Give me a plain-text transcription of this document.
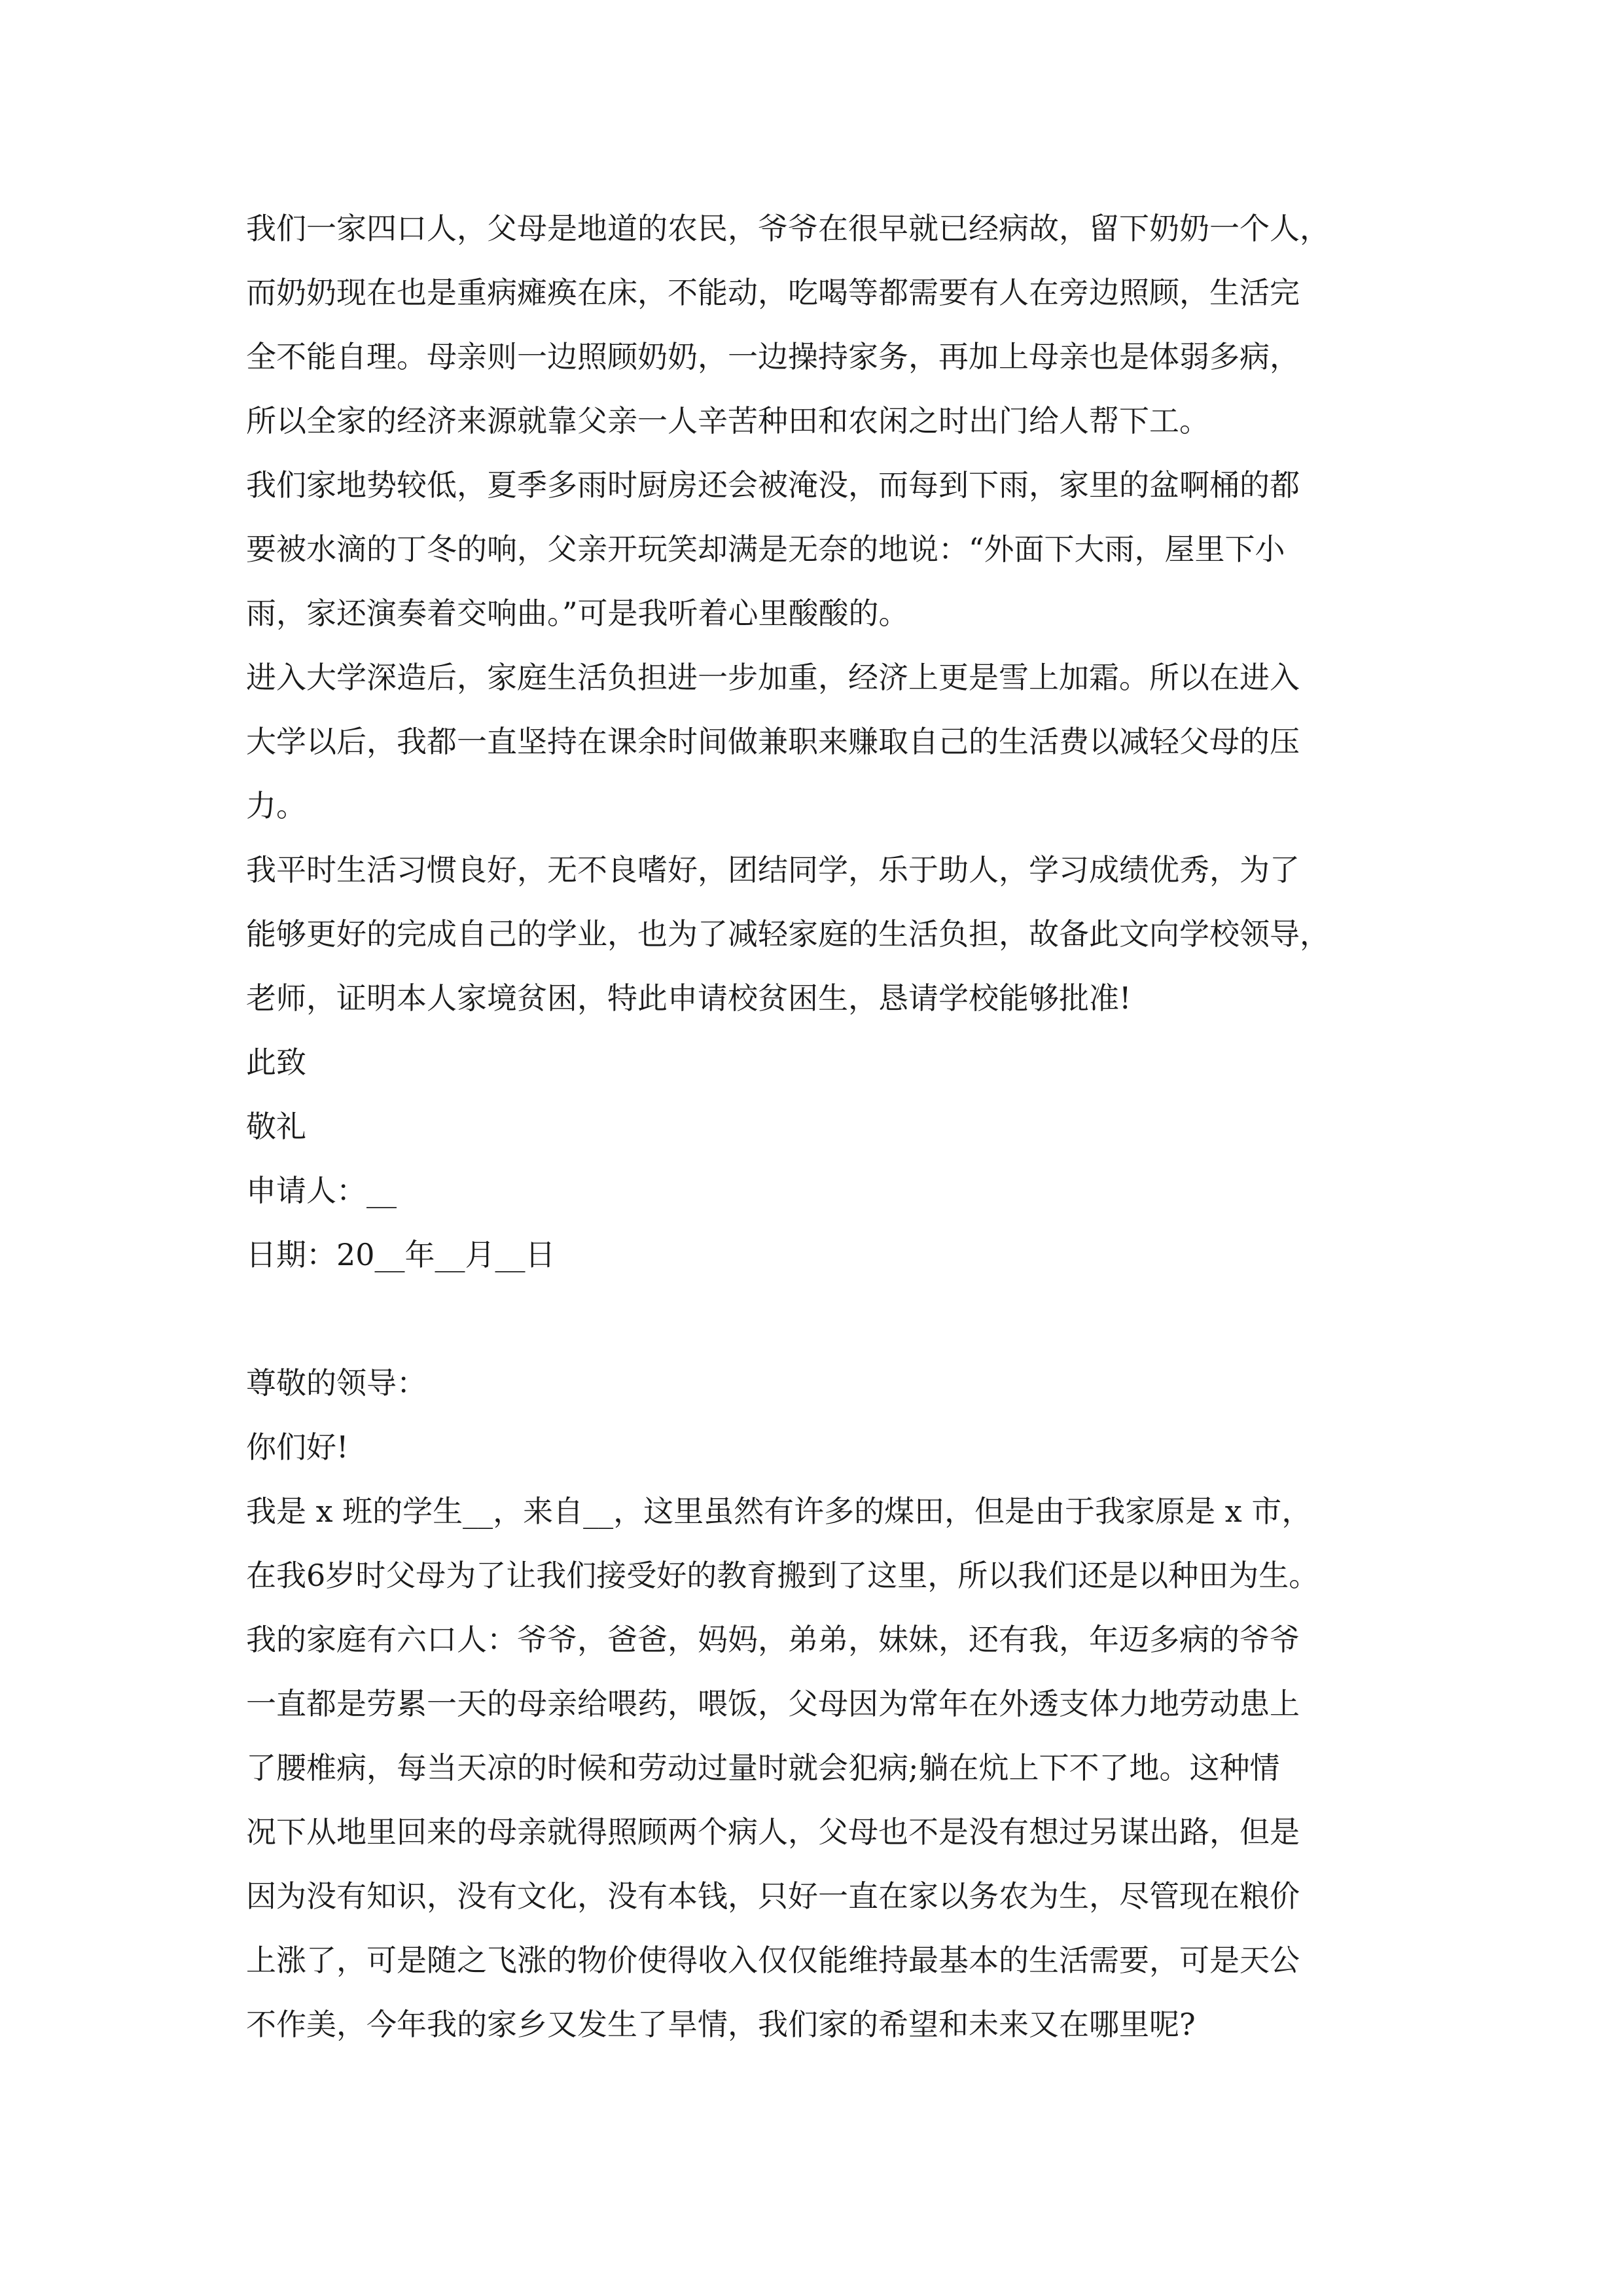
我们一家四口人，父母是地道的农民，爷爷在很早就已经病故，留下奶奶一个人，
而奶奶现在也是重病瘫痪在床，不能动，吃喝等都需要有人在旁边照顾，生活完
全不能自理。母亲则一边照顾奶奶，一边操持家务，再加上母亲也是体弱多病，
所以全家的经济来源就靠父亲一人辛苦种田和农闲之时出门给人帮下工。
我们家地势较低，夏季多雨时厨房还会被淹没，而每到下雨，家里的盆啊桶的都
要被水滴的丁冬的响，父亲开玩笑却满是无奈的地说：“外面下大雨，屋里下小
雨，家还演奏着交响曲。”可是我听着心里酸酸的。
进入大学深造后，家庭生活负担进一步加重，经济上更是雪上加霜。所以在进入
大学以后，我都一直坚持在课余时间做兼职来赚取自己的生活费以减轻父母的压
力。
我平时生活习惯良好，无不良嗜好，团结同学，乐于助人，学习成绩优秀，为了
能够更好的完成自己的学业，也为了减轻家庭的生活负担，故备此文向学校领导，
老师，证明本人家境贫困，特此申请校贫困生，恳请学校能够批准!
此致
敬礼
申请人：__
日期：20__年__月__日
尊敬的领导：
你们好!
我是 x 班的学生__，来自__，这里虽然有许多的煤田，但是由于我家原是 x 市，
在我6岁时父母为了让我们接受好的教育搬到了这里，所以我们还是以种田为生。
我的家庭有六口人：爷爷，爸爸，妈妈，弟弟，妹妹，还有我，年迈多病的爷爷
一直都是劳累一天的母亲给喂药，喂饭，父母因为常年在外透支体力地劳动患上
了腰椎病，每当天凉的时候和劳动过量时就会犯病;躺在炕上下不了地。这种情
况下从地里回来的母亲就得照顾两个病人，父母也不是没有想过另谋出路，但是
因为没有知识，没有文化，没有本钱，只好一直在家以务农为生，尽管现在粮价
上涨了，可是随之飞涨的物价使得收入仅仅能维持最基本的生活需要，可是天公
不作美，今年我的家乡又发生了旱情，我们家的希望和未来又在哪里呢?
